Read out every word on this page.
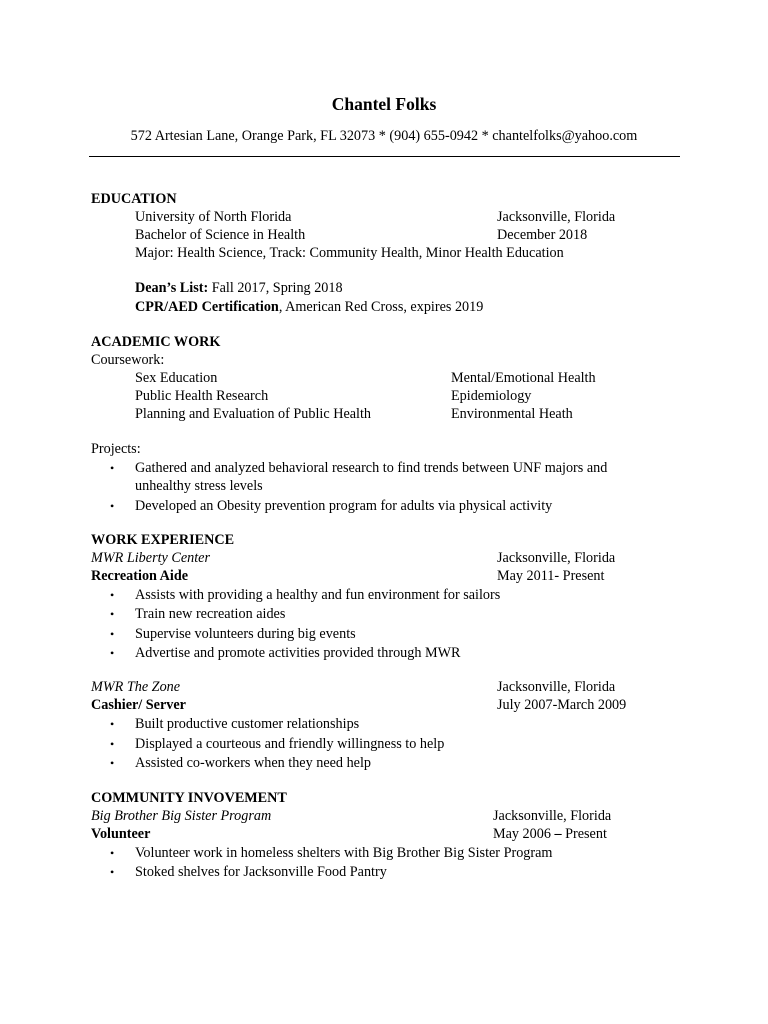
Chantel Folks
572 Artesian Lane, Orange Park, FL 32073 * (904) 655-0942 * chantelfolks@yahoo.com
EDUCATION
University of North Florida	Jacksonville, Florida
Bachelor of Science in Health	December 2018
Major: Health Science, Track: Community Health, Minor Health Education
Dean’s List: Fall 2017, Spring 2018
CPR/AED Certification, American Red Cross, expires 2019
ACADEMIC WORK
Coursework:
Sex Education	Mental/Emotional Health
Public Health Research	Epidemiology
Planning and Evaluation of Public Health	Environmental Heath
Projects:
• Gathered and analyzed behavioral research to find trends between UNF majors and
unhealthy stress levels
• Developed an Obesity prevention program for adults via physical activity
WORK EXPERIENCE
MWR Liberty Center	Jacksonville, Florida
Recreation Aide	May 2011- Present
• Assists with providing a healthy and fun environment for sailors
• Train new recreation aides
• Supervise volunteers during big events
• Advertise and promote activities provided through MWR
MWR The Zone	Jacksonville, Florida
Cashier/ Server	July 2007-March 2009
• Built productive customer relationships
• Displayed a courteous and friendly willingness to help
• Assisted co-workers when they need help
COMMUNITY INVOVEMENT
Big Brother Big Sister Program	Jacksonville, Florida
Volunteer	May 2006 – Present
• Volunteer work in homeless shelters with Big Brother Big Sister Program
• Stoked shelves for Jacksonville Food Pantry
